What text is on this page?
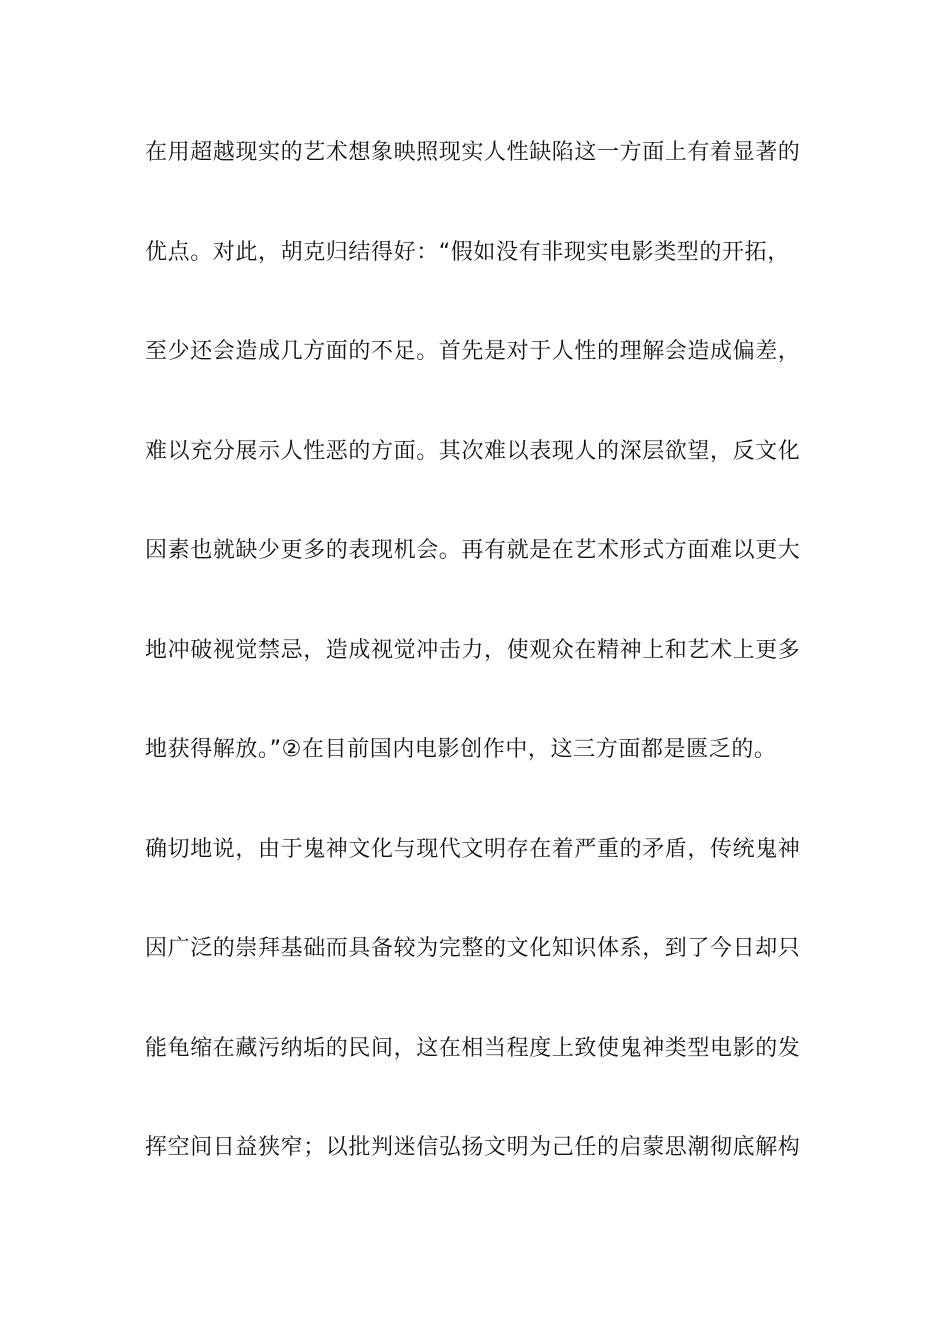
在用超越现实的艺术想象映照现实人性缺陷这一方面上有着显著的
优点。对此，胡克归结得好：“假如没有非现实电影类型的开拓，
至少还会造成几方面的不足。首先是对于人性的理解会造成偏差，
难以充分展示人性恶的方面。其次难以表现人的深层欲望，反文化
因素也就缺少更多的表现机会。再有就是在艺术形式方面难以更大
地冲破视觉禁忌，造成视觉冲击力，使观众在精神上和艺术上更多
地获得解放。”②在目前国内电影创作中，这三方面都是匮乏的。
确切地说，由于鬼神文化与现代文明存在着严重的矛盾，传统鬼神
因广泛的崇拜基础而具备较为完整的文化知识体系，到了今日却只
能龟缩在藏污纳垢的民间，这在相当程度上致使鬼神类型电影的发
挥空间日益狭窄；以批判迷信弘扬文明为己任的启蒙思潮彻底解构
